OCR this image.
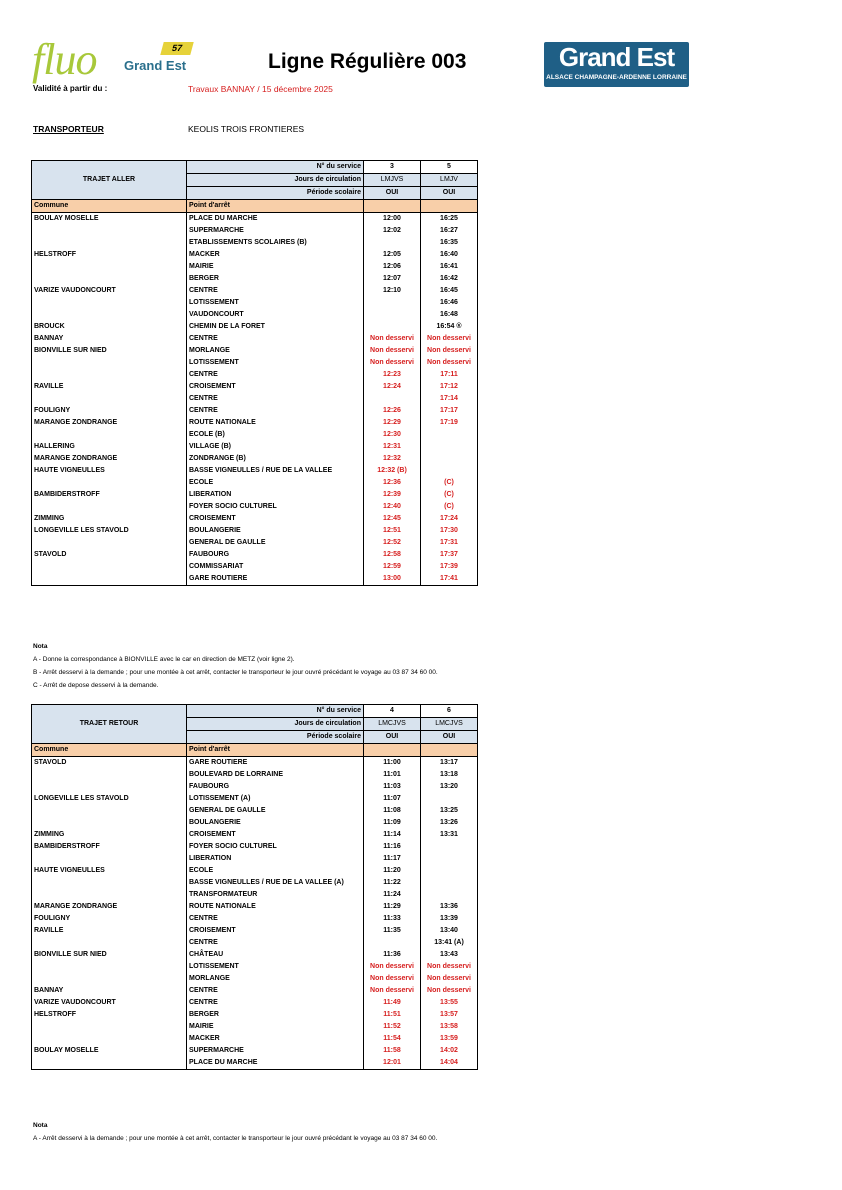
fluo Grand Est
57
Ligne Régulière 003	Grand Est
ALSACE CHAMPAGNE-ARDENNE LORRAINE
Validité à partir du :	Travaux BANNAY / 15 décembre 2025
TRANSPORTEUR	KEOLIS TROIS FRONTIERES
TRAJET ALLER	N° du service	3	5
	Jours de circulation	LMJVS	LMJV
	Période scolaire	OUI	OUI
Commune	Point d'arrêt		
BOULAY MOSELLE	PLACE DU MARCHE	12:00	16:25
	SUPERMARCHE	12:02	16:27
	ETABLISSEMENTS SCOLAIRES (B)		16:35
HELSTROFF	MACKER	12:05	16:40
	MAIRIE	12:06	16:41
	BERGER	12:07	16:42
VARIZE VAUDONCOURT	CENTRE	12:10	16:45
	LOTISSEMENT		16:46
	VAUDONCOURT		16:48
BROUCK	CHEMIN DE LA FORET		16:54 ®
BANNAY	CENTRE	Non desservi	Non desservi
BIONVILLE SUR NIED	MORLANGE	Non desservi	Non desservi
	LOTISSEMENT	Non desservi	Non desservi
	CENTRE	12:23	17:11
RAVILLE	CROISEMENT	12:24	17:12
	CENTRE		17:14
FOULIGNY	CENTRE	12:26	17:17
MARANGE ZONDRANGE	ROUTE NATIONALE	12:29	17:19
	ECOLE (B)	12:30	
HALLERING	VILLAGE (B)	12:31	
MARANGE ZONDRANGE	ZONDRANGE (B)	12:32	
HAUTE VIGNEULLES	BASSE VIGNEULLES / RUE DE LA VALLEE	12:32 (B)	
	ECOLE	12:36	(C)
BAMBIDERSTROFF	LIBERATION	12:39	(C)
	FOYER SOCIO CULTUREL	12:40	(C)
ZIMMING	CROISEMENT	12:45	17:24
LONGEVILLE LES STAVOLD	BOULANGERIE	12:51	17:30
	GENERAL DE GAULLE	12:52	17:31
STAVOLD	FAUBOURG	12:58	17:37
	COMMISSARIAT	12:59	17:39
	GARE ROUTIERE	13:00	17:41
Nota
A - Donne la correspondance à BIONVILLE avec le car en direction de METZ (voir ligne 2).
B - Arrêt desservi à la demande ; pour une montée à cet arrêt, contacter le transporteur le jour ouvré précédant le voyage au 03 87 34 60 00.
C - Arrêt de depose desservi à la demande.
TRAJET RETOUR	N° du service	4	6
	Jours de circulation	LMCJVS	LMCJVS
	Période scolaire	OUI	OUI
Commune	Point d'arrêt		
STAVOLD	GARE ROUTIERE	11:00	13:17
	BOULEVARD DE LORRAINE	11:01	13:18
	FAUBOURG	11:03	13:20
LONGEVILLE LES STAVOLD	LOTISSEMENT (A)	11:07	
	GENERAL DE GAULLE	11:08	13:25
	BOULANGERIE	11:09	13:26
ZIMMING	CROISEMENT	11:14	13:31
BAMBIDERSTROFF	FOYER SOCIO CULTUREL	11:16	
	LIBERATION	11:17	
HAUTE VIGNEULLES	ECOLE	11:20	
	BASSE VIGNEULLES / RUE DE LA VALLEE (A)	11:22	
	TRANSFORMATEUR	11:24	
MARANGE ZONDRANGE	ROUTE NATIONALE	11:29	13:36
FOULIGNY	CENTRE	11:33	13:39
RAVILLE	CROISEMENT	11:35	13:40
	CENTRE		13:41 (A)
BIONVILLE SUR NIED	CHÂTEAU	11:36	13:43
	LOTISSEMENT	Non desservi	Non desservi
	MORLANGE	Non desservi	Non desservi
BANNAY	CENTRE	Non desservi	Non desservi
VARIZE VAUDONCOURT	CENTRE	11:49	13:55
HELSTROFF	BERGER	11:51	13:57
	MAIRIE	11:52	13:58
	MACKER	11:54	13:59
BOULAY MOSELLE	SUPERMARCHE	11:58	14:02
	PLACE DU MARCHE	12:01	14:04
Nota
A - Arrêt desservi à la demande ; pour une montée à cet arrêt, contacter le transporteur le jour ouvré précédant le voyage au 03 87 34 60 00.
